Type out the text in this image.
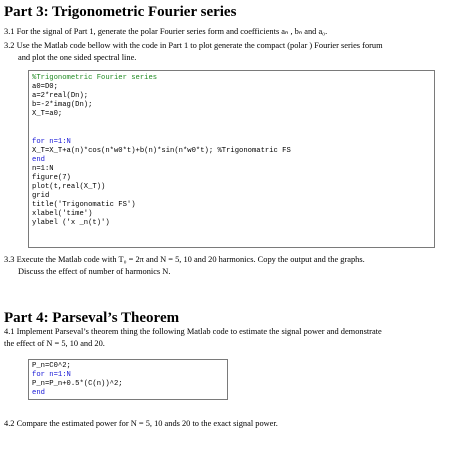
Part 3: Trigonometric Fourier series

3.1 For the signal of Part 1, generate the polar Fourier series form and coefficients aₙ , bₙ and a₀.

3.2 Use the Matlab code bellow with the code in Part 1 to plot generate the compact (polar ) Fourier series forum

and plot the one sided spectral line.

%Trigonometric Fourier series
a0=D0;
a=2*real(Dn);
b=-2*imag(Dn);
X_T=a0;
for n=1:N
X_T=X_T+a(n)*cos(n*w0*t)+b(n)*sin(n*w0*t); %Trigonomatric FS
end
n=1:N
figure(7)
plot(t,real(X_T))
grid
title('Trigonomatic FS')
xlabel('time')
ylabel ('x _n(t)')

3.3 Execute the Matlab code with T₀ = 2π and N = 5, 10 and 20 harmonics. Copy the output and the graphs.

Discuss the effect of number of harmonics N.

Part 4: Parseval’s Theorem

4.1 Implement Parseval’s theorem thing the following Matlab code to estimate the signal power and demonstrate

the effect of N = 5, 10 and 20.

P_n=C0^2;
for n=1:N
P_n=P_n+0.5*(C(n))^2;
end

4.2 Compare the estimated power for N = 5, 10 ands 20 to the exact signal power.
